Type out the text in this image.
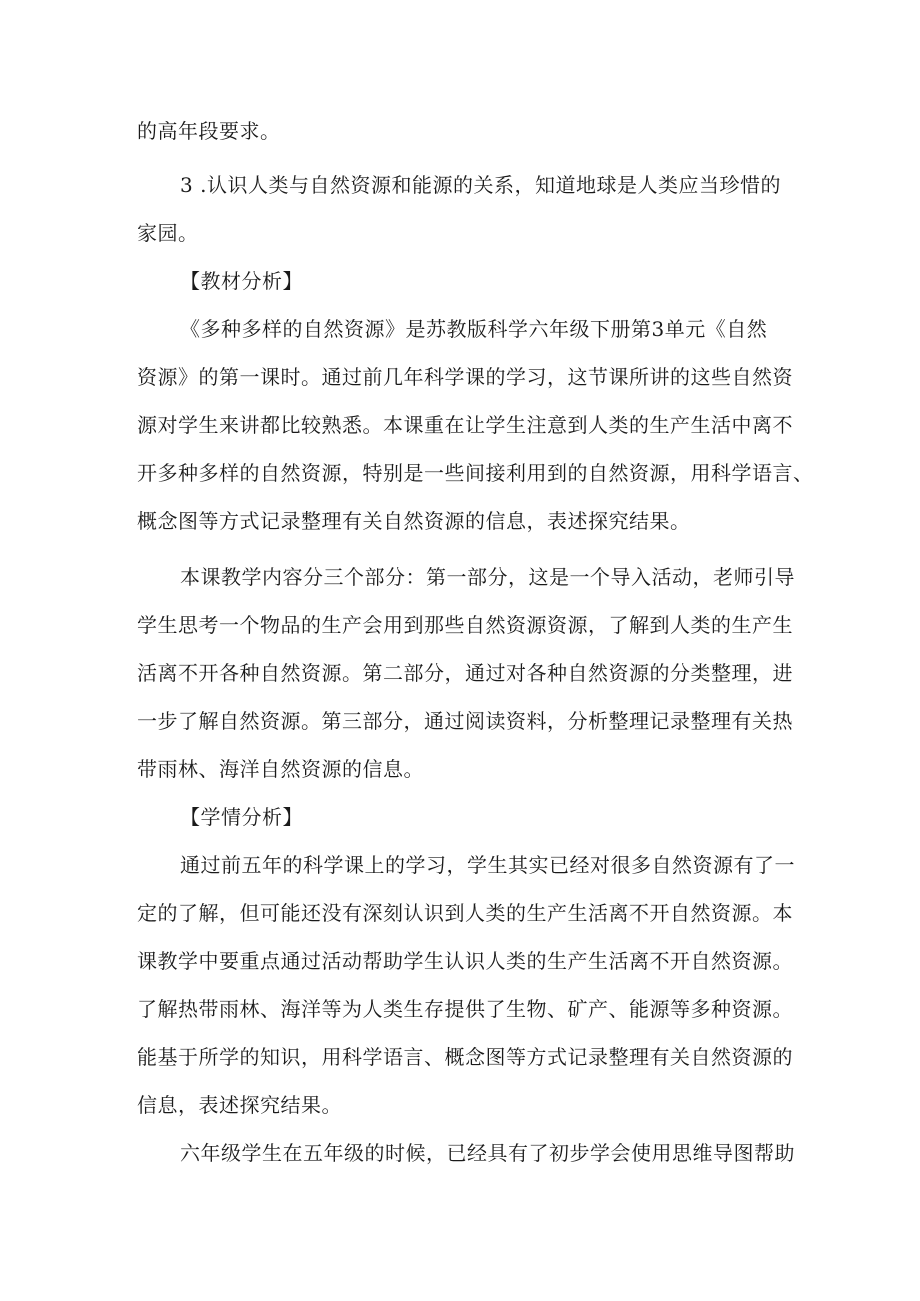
的高年段要求。
3 .认识人类与自然资源和能源的关系，知道地球是人类应当珍惜的
家园。
【教材分析】
《多种多样的自然资源》是苏教版科学六年级下册第3单元《自然
资源》的第一课时。通过前几年科学课的学习，这节课所讲的这些自然资
源对学生来讲都比较熟悉。本课重在让学生注意到人类的生产生活中离不
开多种多样的自然资源，特别是一些间接利用到的自然资源，用科学语言、
概念图等方式记录整理有关自然资源的信息，表述探究结果。
本课教学内容分三个部分：第一部分，这是一个导入活动，老师引导
学生思考一个物品的生产会用到那些自然资源资源，了解到人类的生产生
活离不开各种自然资源。第二部分，通过对各种自然资源的分类整理，进
一步了解自然资源。第三部分，通过阅读资料，分析整理记录整理有关热
带雨林、海洋自然资源的信息。
【学情分析】
通过前五年的科学课上的学习，学生其实已经对很多自然资源有了一
定的了解，但可能还没有深刻认识到人类的生产生活离不开自然资源。本
课教学中要重点通过活动帮助学生认识人类的生产生活离不开自然资源。
了解热带雨林、海洋等为人类生存提供了生物、矿产、能源等多种资源。
能基于所学的知识，用科学语言、概念图等方式记录整理有关自然资源的
信息，表述探究结果。
六年级学生在五年级的时候，已经具有了初步学会使用思维导图帮助
